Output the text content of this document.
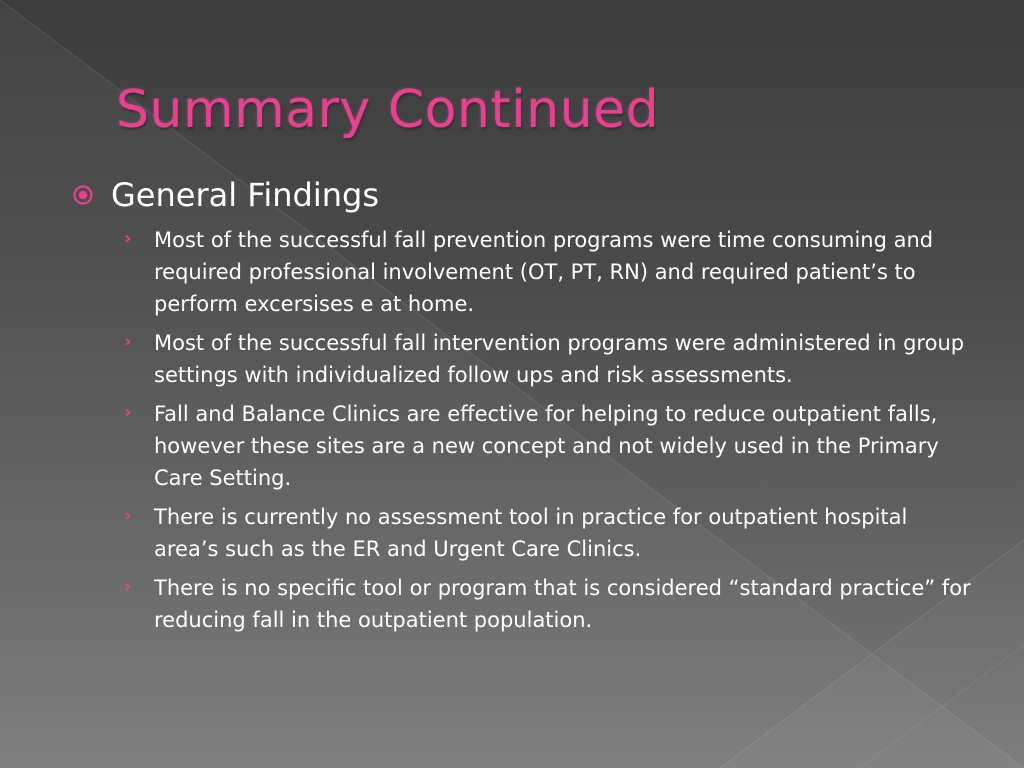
Summary Continued
General Findings
› Most of the successful fall prevention programs were time consuming and required professional involvement (OT, PT, RN) and required patient’s to perform excersises e at home.
› Most of the successful fall intervention programs were administered in group settings with individualized follow ups and risk assessments.
› Fall and Balance Clinics are effective for helping to reduce outpatient falls, however these sites are a new concept and not widely used in the Primary Care Setting.
› There is currently no assessment tool in practice for outpatient hospital area’s such as the ER and Urgent Care Clinics.
› There is no specific tool or program that is considered “standard practice” for reducing fall in the outpatient population.
